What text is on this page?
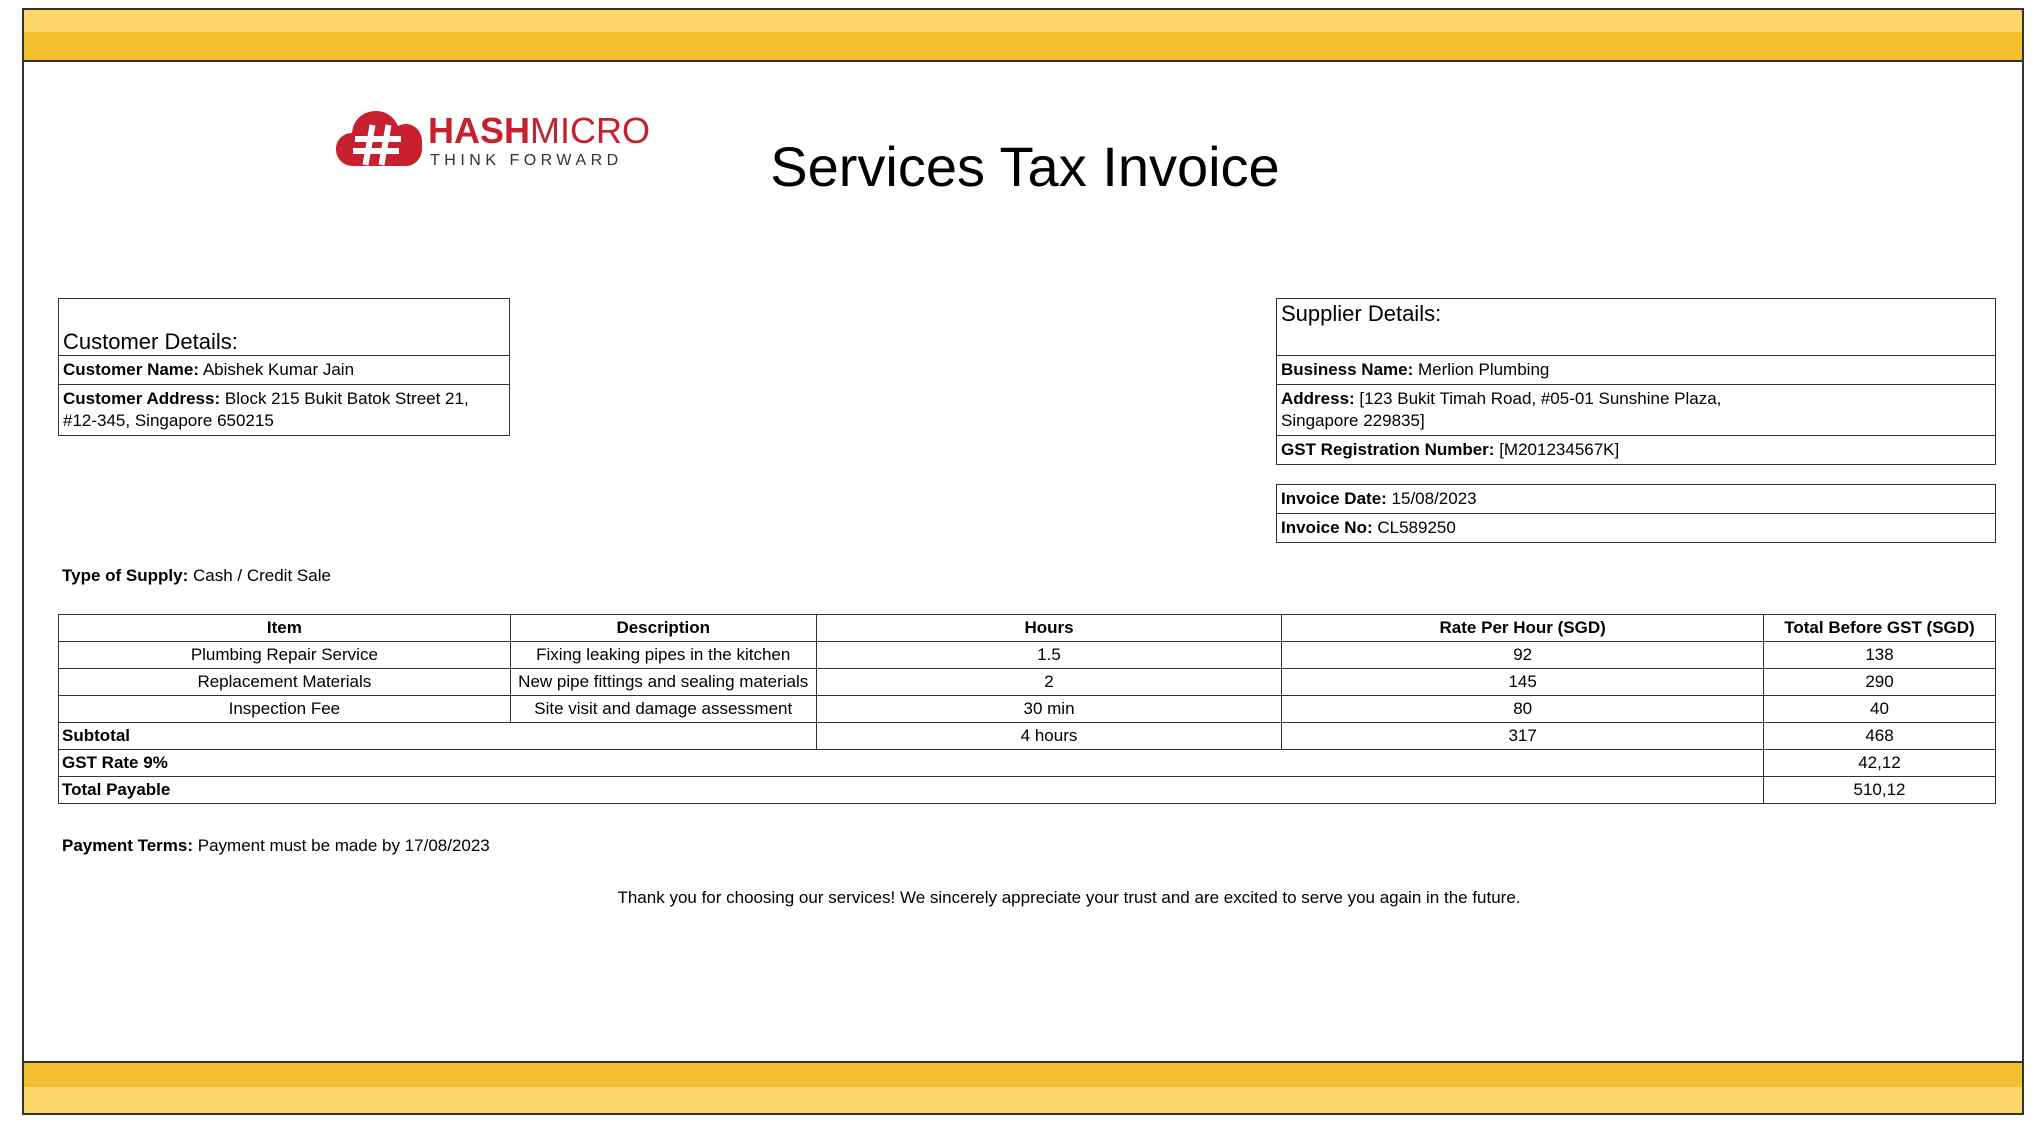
HASHMICRO
THINK FORWARD	Services Tax Invoice
Customer Details:
Customer Name: Abishek Kumar Jain
Customer Address: Block 215 Bukit Batok Street 21,
#12-345, Singapore 650215
Supplier Details:
Business Name: Merlion Plumbing
Address: [123 Bukit Timah Road, #05-01 Sunshine Plaza,
Singapore 229835]
GST Registration Number: [M201234567K]
Invoice Date: 15/08/2023
Invoice No: CL589250
Type of Supply: Cash / Credit Sale
Item	Description	Hours	Rate Per Hour (SGD)	Total Before GST (SGD)
Plumbing Repair Service	Fixing leaking pipes in the kitchen	1.5	92	138
Replacement Materials	New pipe fittings and sealing materials	2	145	290
Inspection Fee	Site visit and damage assessment	30 min	80	40
Subtotal		4 hours	317	468
GST Rate 9%				42,12
Total Payable				510,12
Payment Terms: Payment must be made by 17/08/2023
Thank you for choosing our services! We sincerely appreciate your trust and are excited to serve you again in the future.
